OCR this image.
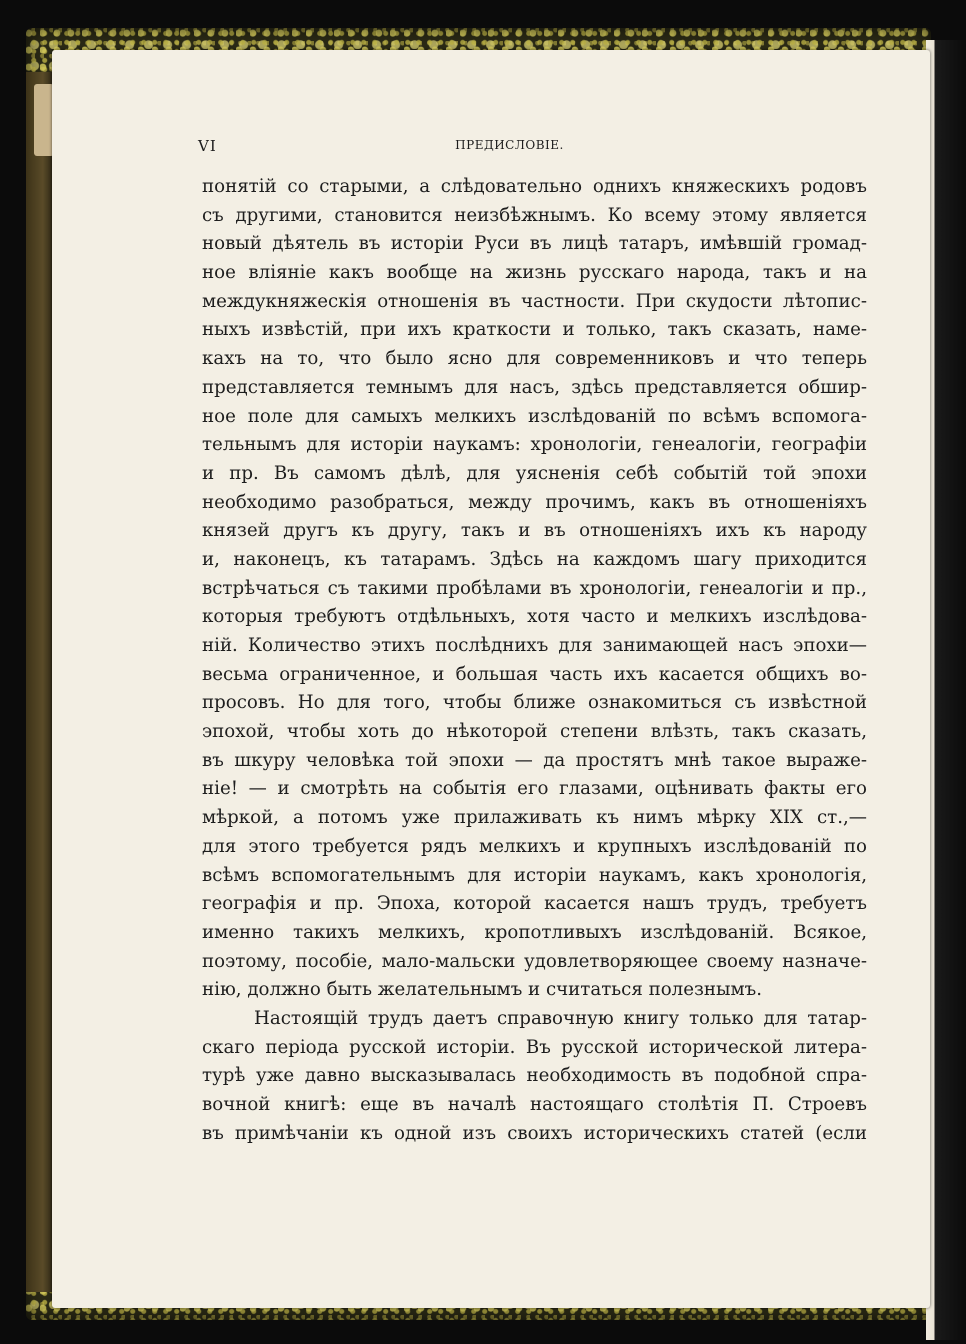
VI	ПРЕДИСЛОВІЕ.
понятій со старыми, а слѣдовательно однихъ княжескихъ родовъ
съ другими, становится неизбѣжнымъ. Ко всему этому является
новый дѣятель въ исторіи Руси въ лицѣ татаръ, имѣвшій громад-
ное вліяніе какъ вообще на жизнь русскаго народа, такъ и на
междукняжескія отношенія въ частности. При скудости лѣтопис-
ныхъ извѣстій, при ихъ краткости и только, такъ сказать, наме-
кахъ на то, что было ясно для современниковъ и что теперь
представляется темнымъ для насъ, здѣсь представляется обшир-
ное поле для самыхъ мелкихъ изслѣдованій по всѣмъ вспомога-
тельнымъ для исторіи наукамъ: хронологіи, генеалогіи, географіи
и пр. Въ самомъ дѣлѣ, для уясненія себѣ событій той эпохи
необходимо разобраться, между прочимъ, какъ въ отношеніяхъ
князей другъ къ другу, такъ и въ отношеніяхъ ихъ къ народу
и, наконецъ, къ татарамъ. Здѣсь на каждомъ шагу приходится
встрѣчаться съ такими пробѣлами въ хронологіи, генеалогіи и пр.,
которыя требуютъ отдѣльныхъ, хотя часто и мелкихъ изслѣдова-
ній. Количество этихъ послѣднихъ для занимающей насъ эпохи—
весьма ограниченное, и большая часть ихъ касается общихъ во-
просовъ. Но для того, чтобы ближе ознакомиться съ извѣстной
эпохой, чтобы хоть до нѣкоторой степени влѣзть, такъ сказать,
въ шкуру человѣка той эпохи — да простятъ мнѣ такое выраже-
ніе! — и смотрѣть на событія его глазами, оцѣнивать факты его
мѣркой, а потомъ уже прилаживать къ нимъ мѣрку XIX ст.,—
для этого требуется рядъ мелкихъ и крупныхъ изслѣдованій по
всѣмъ вспомогательнымъ для исторіи наукамъ, какъ хронологія,
географія и пр. Эпоха, которой касается нашъ трудъ, требуетъ
именно такихъ мелкихъ, кропотливыхъ изслѣдованій. Всякое,
поэтому, пособіе, мало-мальски удовлетворяющее своему назначе-
нію, должно быть желательнымъ и считаться полезнымъ.
Настоящій трудъ даетъ справочную книгу только для татар-
скаго періода русской исторіи. Въ русской исторической литера-
турѣ уже давно высказывалась необходимость въ подобной спра-
вочной книгѣ: еще въ началѣ настоящаго столѣтія П. Строевъ
въ примѣчаніи къ одной изъ своихъ историческихъ статей (если
